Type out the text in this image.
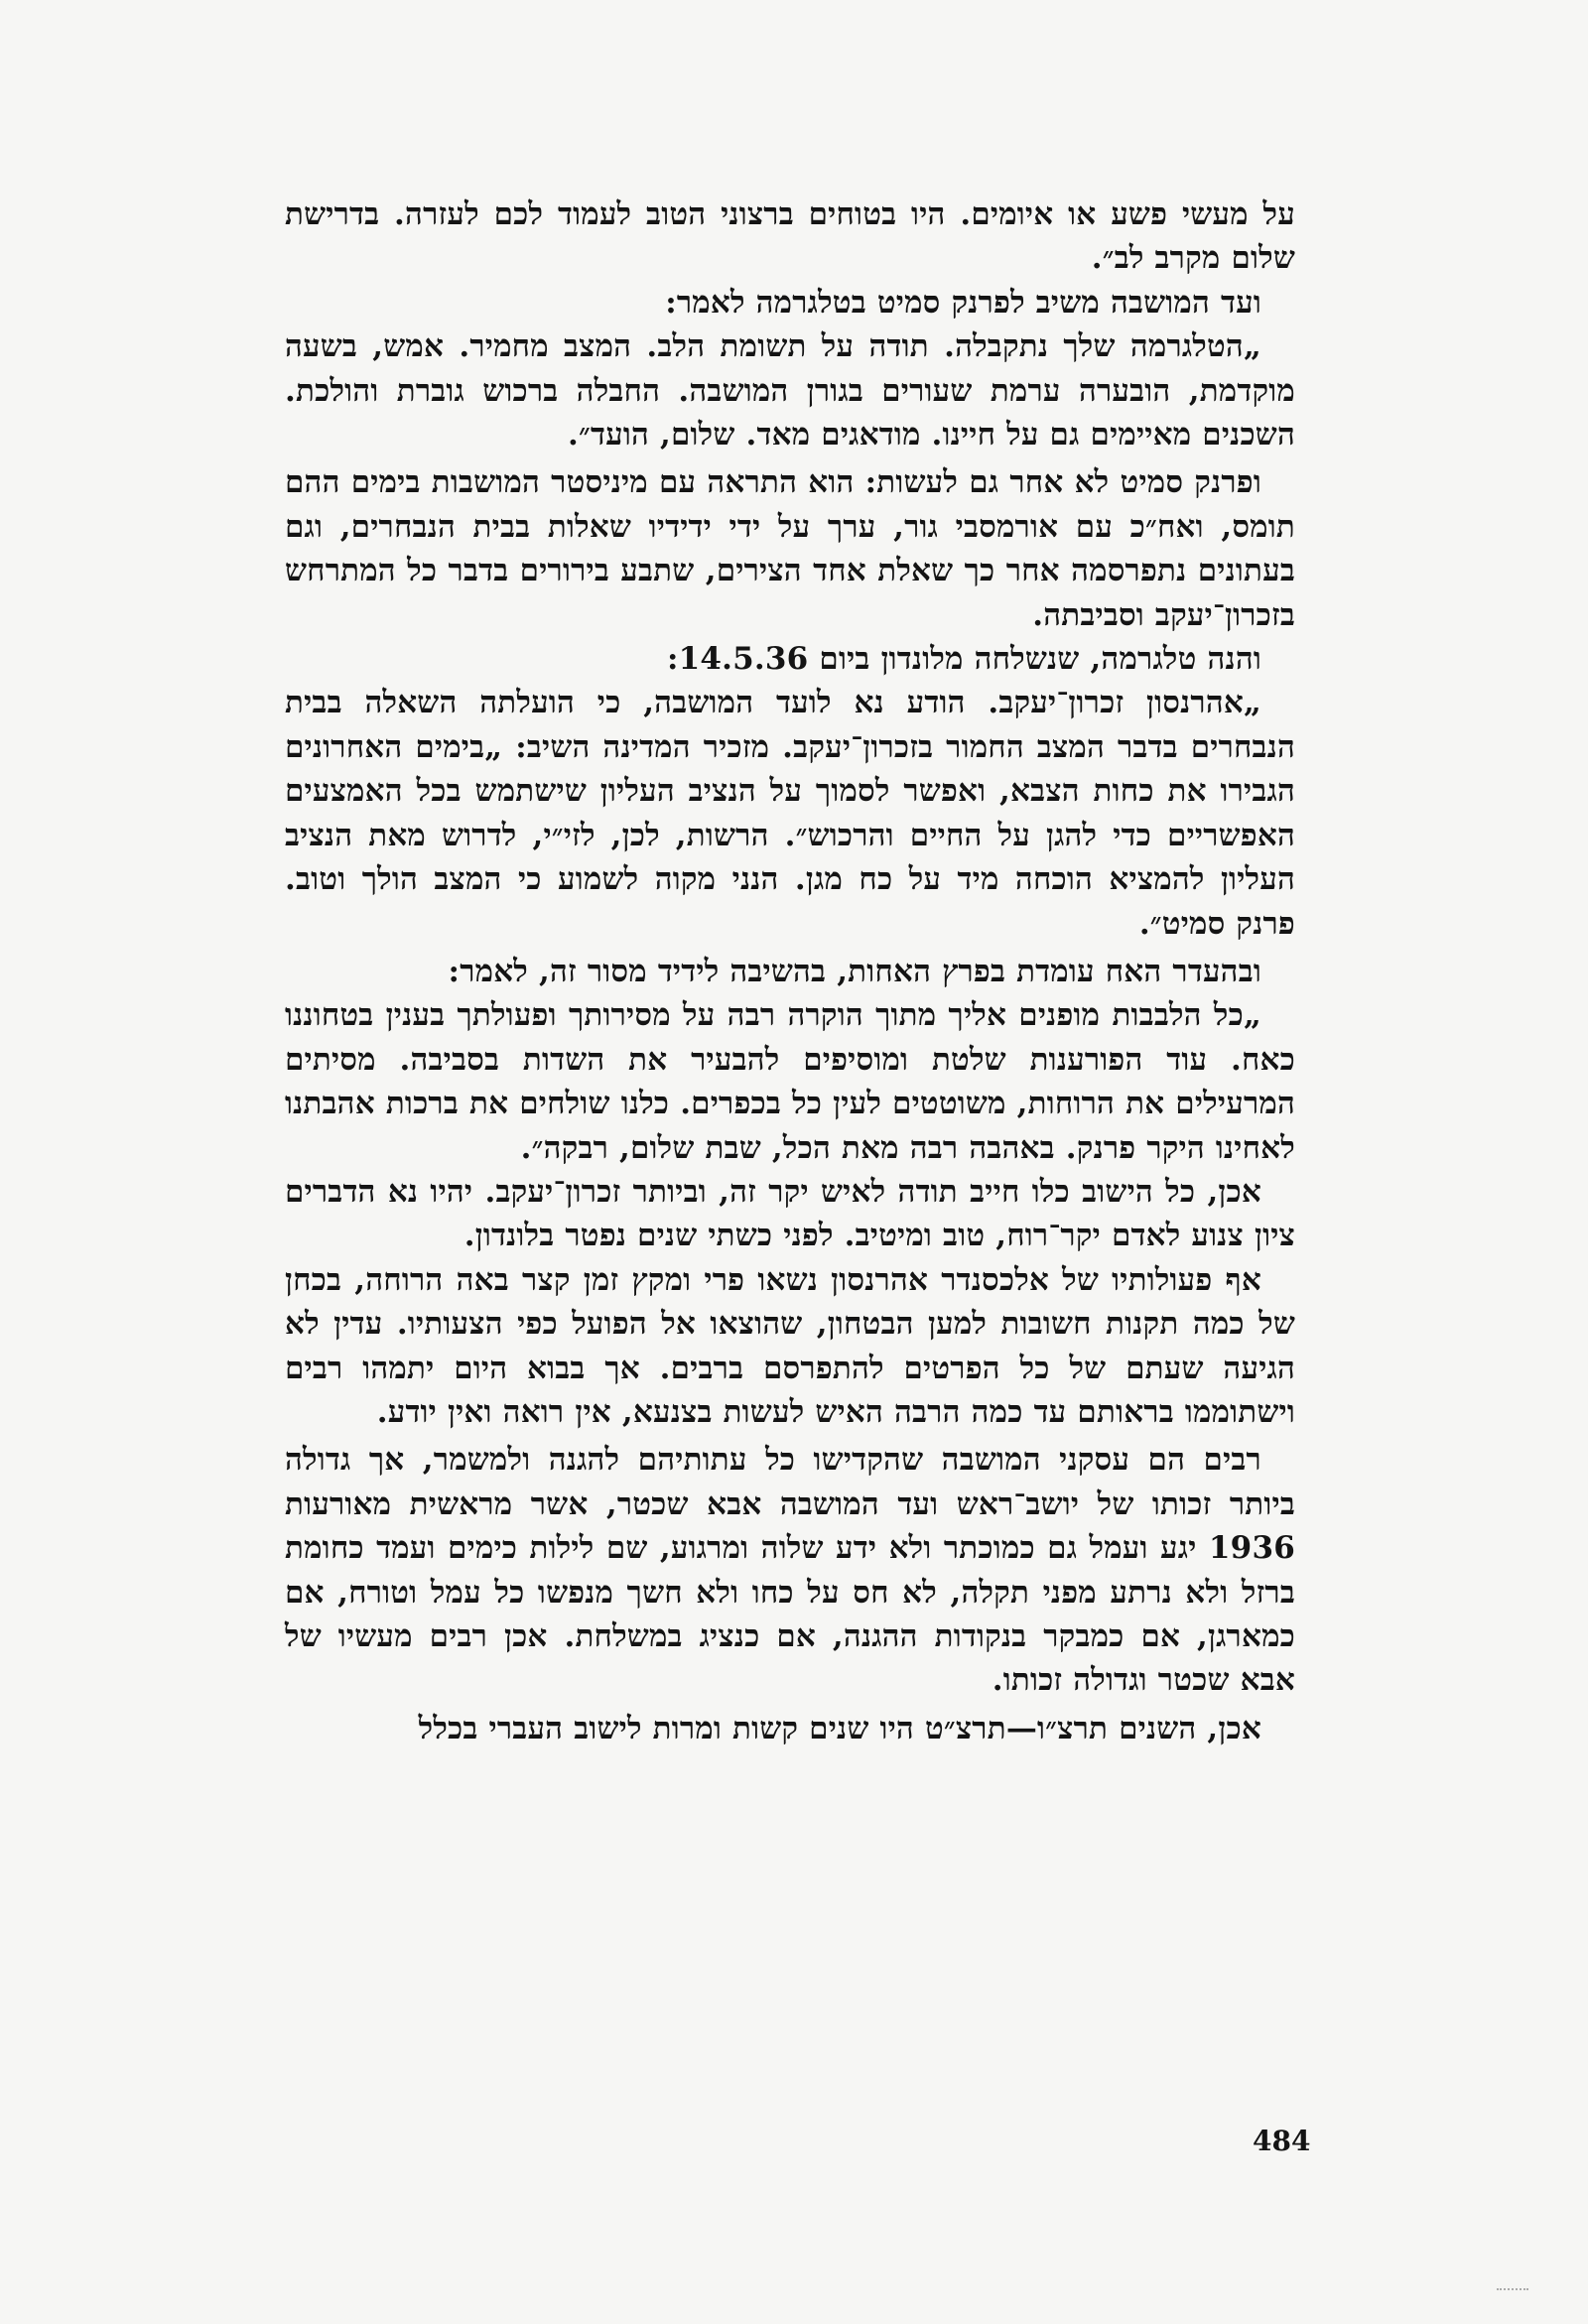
על מעשי פשע או איומים. היו בטוחים ברצוני הטוב לעמוד לכם לעזרה. בדרישת שלום מקרב לב״.

ועד המושבה משיב לפרנק סמיט בטלגרמה לאמר:

„הטלגרמה שלך נתקבלה. תודה על תשומת הלב. המצב מחמיר. אמש, בשעה מוקדמת, הובערה ערמת שעורים בגורן המושבה. החבלה ברכוש גוברת והולכת. השכנים מאיימים גם על חיינו. מודאגים מאד. שלום, הועד״.

ופרנק סמיט לא אחר גם לעשות: הוא התראה עם מיניסטר המושבות בימים ההם תומס, ואח״כ עם אורמסבי גור, ערך על ידי ידידיו שאלות בבית הנבחרים, וגם בעתונים נתפרסמה אחר כך שאלת אחד הצירים, שתבע בירורים בדבר כל המתרחש בזכרון־יעקב וסביבתה.

והנה טלגרמה, שנשלחה מלונדון ביום 14.5.36:

„אהרנסון זכרון־יעקב. הודע נא לועד המושבה, כי הועלתה השאלה בבית הנבחרים בדבר המצב החמור בזכרון־יעקב. מזכיר המדינה השיב: „בימים האחרונים הגבירו את כחות הצבא, ואפשר לסמוך על הנציב העליון שישתמש בכל האמצעים האפשריים כדי להגן על החיים והרכוש״. הרשות, לכן, לזי״י, לדרוש מאת הנציב העליון להמציא הוכחה מיד על כח מגן. הנני מקוה לשמוע כי המצב הולך וטוב. פרנק סמיט״.

ובהעדר האח עומדת בפרץ האחות, בהשיבה לידיד מסור זה, לאמר:

„כל הלבבות מופנים אליך מתוך הוקרה רבה על מסירותך ופעולתך בענין בטחוננו כאח. עוד הפורענות שלטת ומוסיפים להבעיר את השדות בסביבה. מסיתים המרעילים את הרוחות, משוטטים לעין כל בכפרים. כלנו שולחים את ברכות אהבתנו לאחינו היקר פרנק. באהבה רבה מאת הכל, שבת שלום, רבקה״.

אכן, כל הישוב כלו חייב תודה לאיש יקר זה, וביותר זכרון־יעקב. יהיו נא הדברים ציון צנוע לאדם יקר־רוח, טוב ומיטיב. לפני כשתי שנים נפטר בלונדון.

אף פעולותיו של אלכסנדר אהרנסון נשאו פרי ומקץ זמן קצר באה הרוחה, בכחן של כמה תקנות חשובות למען הבטחון, שהוצאו אל הפועל כפי הצעותיו. עדין לא הגיעה שעתם של כל הפרטים להתפרסם ברבים. אך בבוא היום יתמהו רבים וישתוממו בראותם עד כמה הרבה האיש לעשות בצנעא, אין רואה ואין יודע.

רבים הם עסקני המושבה שהקדישו כל עתותיהם להגנה ולמשמר, אך גדולה ביותר זכותו של יושב־ראש ועד המושבה אבא שכטר, אשר מראשית מאורעות 1936 יגע ועמל גם כמוכתר ולא ידע שלוה ומרגוע, שם לילות כימים ועמד כחומת ברזל ולא נרתע מפני תקלה, לא חס על כחו ולא חשך מנפשו כל עמל וטורח, אם כמארגן, אם כמבקר בנקודות ההגנה, אם כנציג במשלחת. אכן רבים מעשיו של אבא שכטר וגדולה זכותו.

אכן, השנים תרצ״ו—תרצ״ט היו שנים קשות ומרות לישוב העברי בכלל

484
